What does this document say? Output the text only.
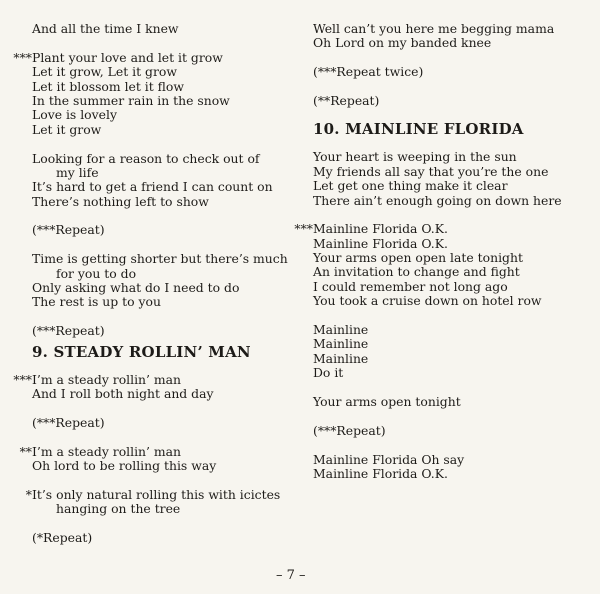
And all the time I knew
*** Plant your love and let it grow
Let it grow, Let it grow
Let it blossom let it flow
In the summer rain in the snow
Love is lovely
Let it grow
Looking for a reason to check out of
my life
It’s hard to get a friend I can count on
There’s nothing left to show
(***Repeat)
Time is getting shorter but there’s much
for you to do
Only asking what do I need to do
The rest is up to you
(***Repeat)
9. STEADY ROLLIN’ MAN
*** I’m a steady rollin’ man
And I roll both night and day
(***Repeat)
** I’m a steady rollin’ man
Oh lord to be rolling this way
* It’s only natural rolling this with icictes
hanging on the tree
(*Repeat)
Well can’t you here me begging mama
Oh Lord on my banded knee
(***Repeat twice)
(**Repeat)
10. MAINLINE FLORIDA
Your heart is weeping in the sun
My friends all say that you’re the one
Let get one thing make it clear
There ain’t enough going on down here
*** Mainline Florida O.K.
Mainline Florida O.K.
Your arms open open late tonight
An invitation to change and fight
I could remember not long ago
You took a cruise down on hotel row
Mainline
Mainline
Mainline
Do it
Your arms open tonight
(***Repeat)
Mainline Florida Oh say
Mainline Florida O.K.
– 7 –
